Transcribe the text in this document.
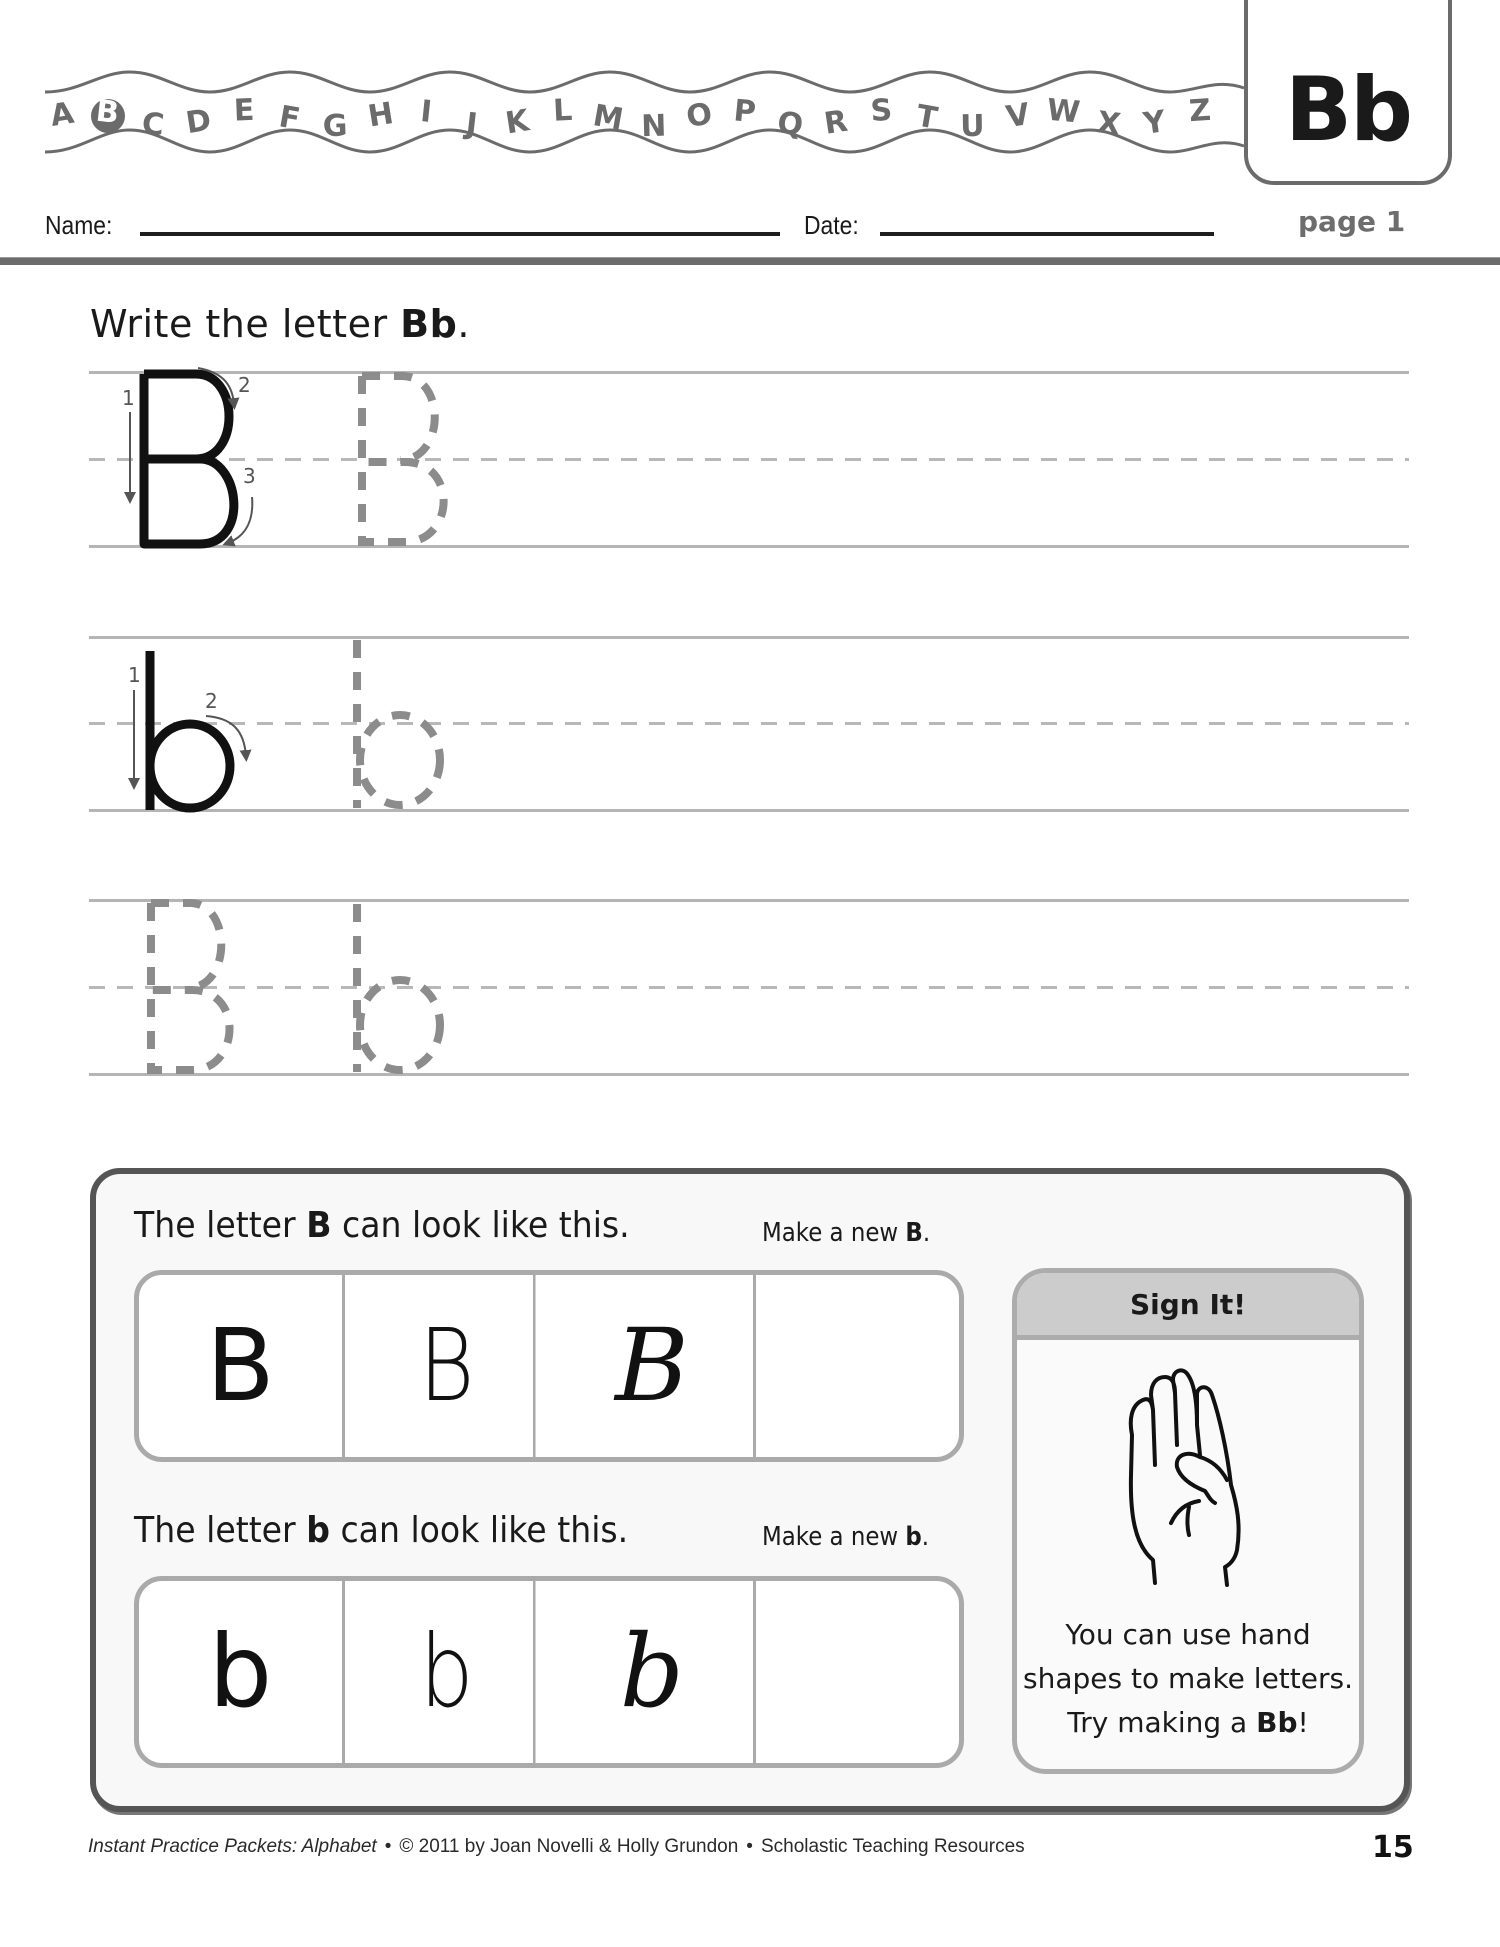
A B C D E F G H I J K L M N O P Q R S T U V W X Y Z Bb
page 1
Name:	Date:
Write the letter Bb.
1
2
3
1
2
The letter B can look like this.	Make a new B.
B	B	B
The letter b can look like this.	Make a new b.
b	b	b
Sign It!
You can use hand
shapes to make letters.
Try making a Bb!
Instant Practice Packets: Alphabet • © 2011 by Joan Novelli & Holly Grundon • Scholastic Teaching Resources	15
